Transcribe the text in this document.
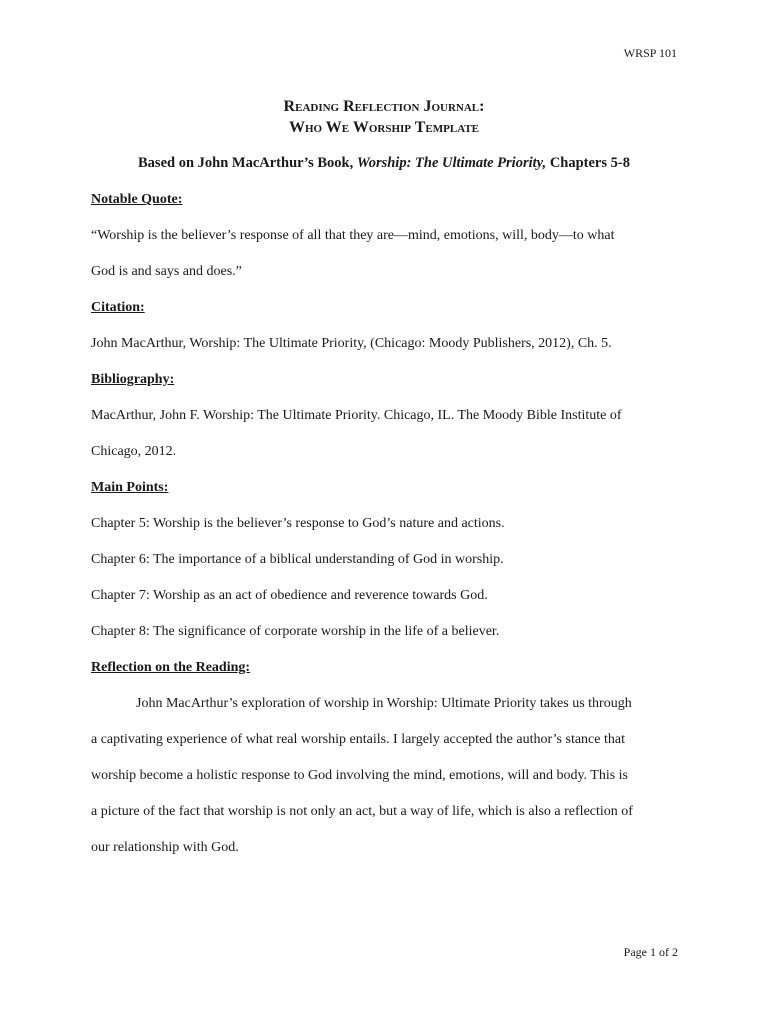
WRSP 101
Reading Reflection Journal:
Who We Worship Template
Based on John MacArthur’s Book, Worship: The Ultimate Priority, Chapters 5-8
Notable Quote:
“Worship is the believer’s response of all that they are—mind, emotions, will, body—to what
God is and says and does.”
Citation:
John MacArthur, Worship: The Ultimate Priority, (Chicago: Moody Publishers, 2012), Ch. 5.
Bibliography:
MacArthur, John F. Worship: The Ultimate Priority. Chicago, IL. The Moody Bible Institute of
Chicago, 2012.
Main Points:
Chapter 5: Worship is the believer’s response to God’s nature and actions.
Chapter 6: The importance of a biblical understanding of God in worship.
Chapter 7: Worship as an act of obedience and reverence towards God.
Chapter 8: The significance of corporate worship in the life of a believer.
Reflection on the Reading:
John MacArthur’s exploration of worship in Worship: Ultimate Priority takes us through
a captivating experience of what real worship entails. I largely accepted the author’s stance that
worship become a holistic response to God involving the mind, emotions, will and body. This is
a picture of the fact that worship is not only an act, but a way of life, which is also a reflection of
our relationship with God.
Page 1 of 2
